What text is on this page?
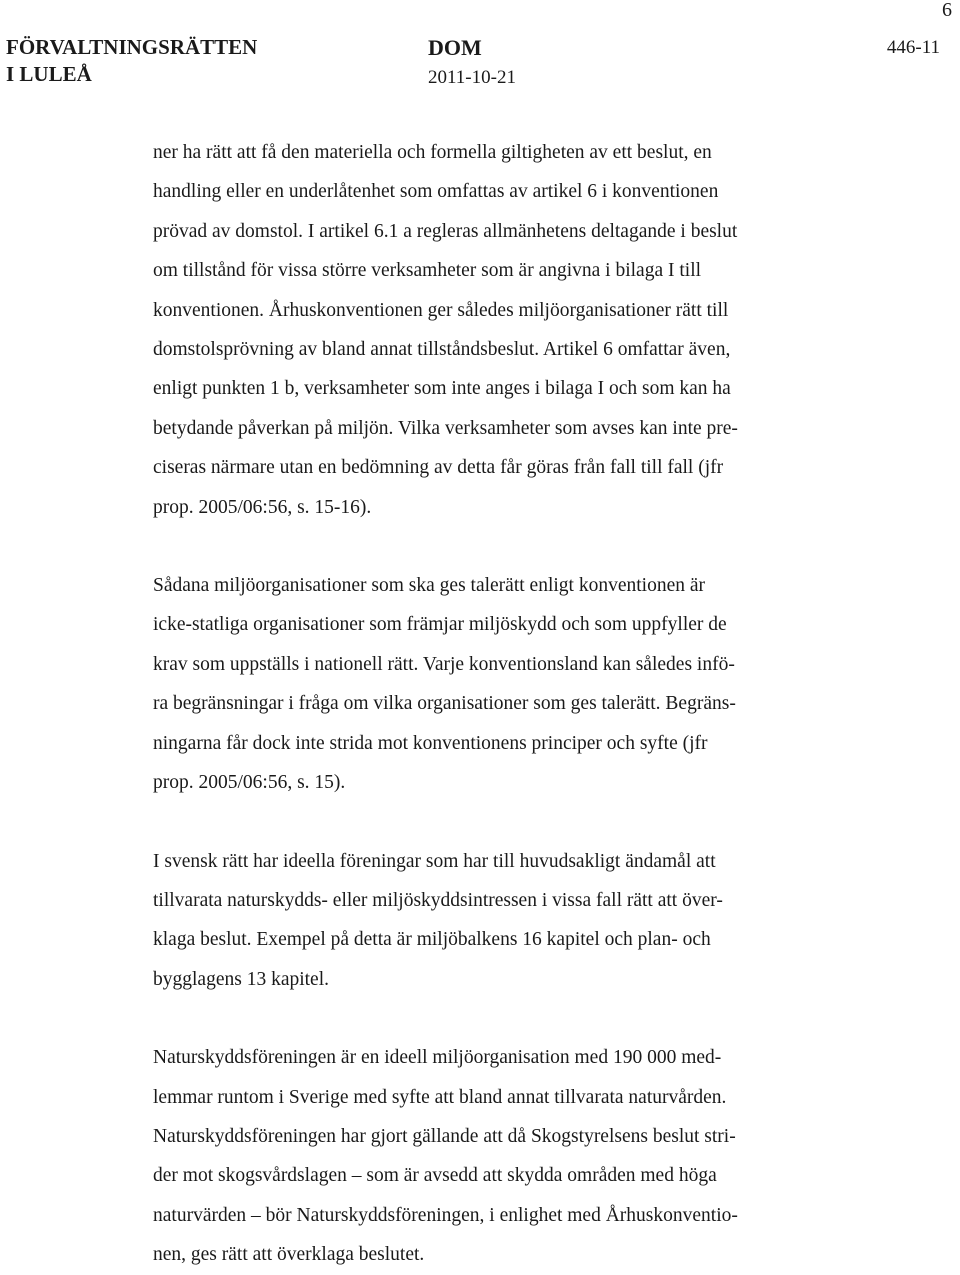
6
FÖRVALTNINGSRÄTTEN
I LULEÅ
DOM
2011-10-21
446-11

ner ha rätt att få den materiella och formella giltigheten av ett beslut, en
handling eller en underlåtenhet som omfattas av artikel 6 i konventionen
prövad av domstol. I artikel 6.1 a regleras allmänhetens deltagande i beslut
om tillstånd för vissa större verksamheter som är angivna i bilaga I till
konventionen. Århuskonventionen ger således miljöorganisationer rätt till
domstolsprövning av bland annat tillståndsbeslut. Artikel 6 omfattar även,
enligt punkten 1 b, verksamheter som inte anges i bilaga I och som kan ha
betydande påverkan på miljön. Vilka verksamheter som avses kan inte pre-
ciseras närmare utan en bedömning av detta får göras från fall till fall (jfr
prop. 2005/06:56, s. 15-16).

Sådana miljöorganisationer som ska ges talerätt enligt konventionen är
icke-statliga organisationer som främjar miljöskydd och som uppfyller de
krav som uppställs i nationell rätt. Varje konventionsland kan således infö-
ra begränsningar i fråga om vilka organisationer som ges talerätt. Begräns-
ningarna får dock inte strida mot konventionens principer och syfte (jfr
prop. 2005/06:56, s. 15).

I svensk rätt har ideella föreningar som har till huvudsakligt ändamål att
tillvarata naturskydds- eller miljöskyddsintressen i vissa fall rätt att över-
klaga beslut. Exempel på detta är miljöbalkens 16 kapitel och plan- och
bygglagens 13 kapitel.

Naturskyddsföreningen är en ideell miljöorganisation med 190 000 med-
lemmar runtom i Sverige med syfte att bland annat tillvarata naturvården.
Naturskyddsföreningen har gjort gällande att då Skogstyrelsens beslut stri-
der mot skogsvårdslagen – som är avsedd att skydda områden med höga
naturvärden – bör Naturskyddsföreningen, i enlighet med Århuskonventio-
nen, ges rätt att överklaga beslutet.
